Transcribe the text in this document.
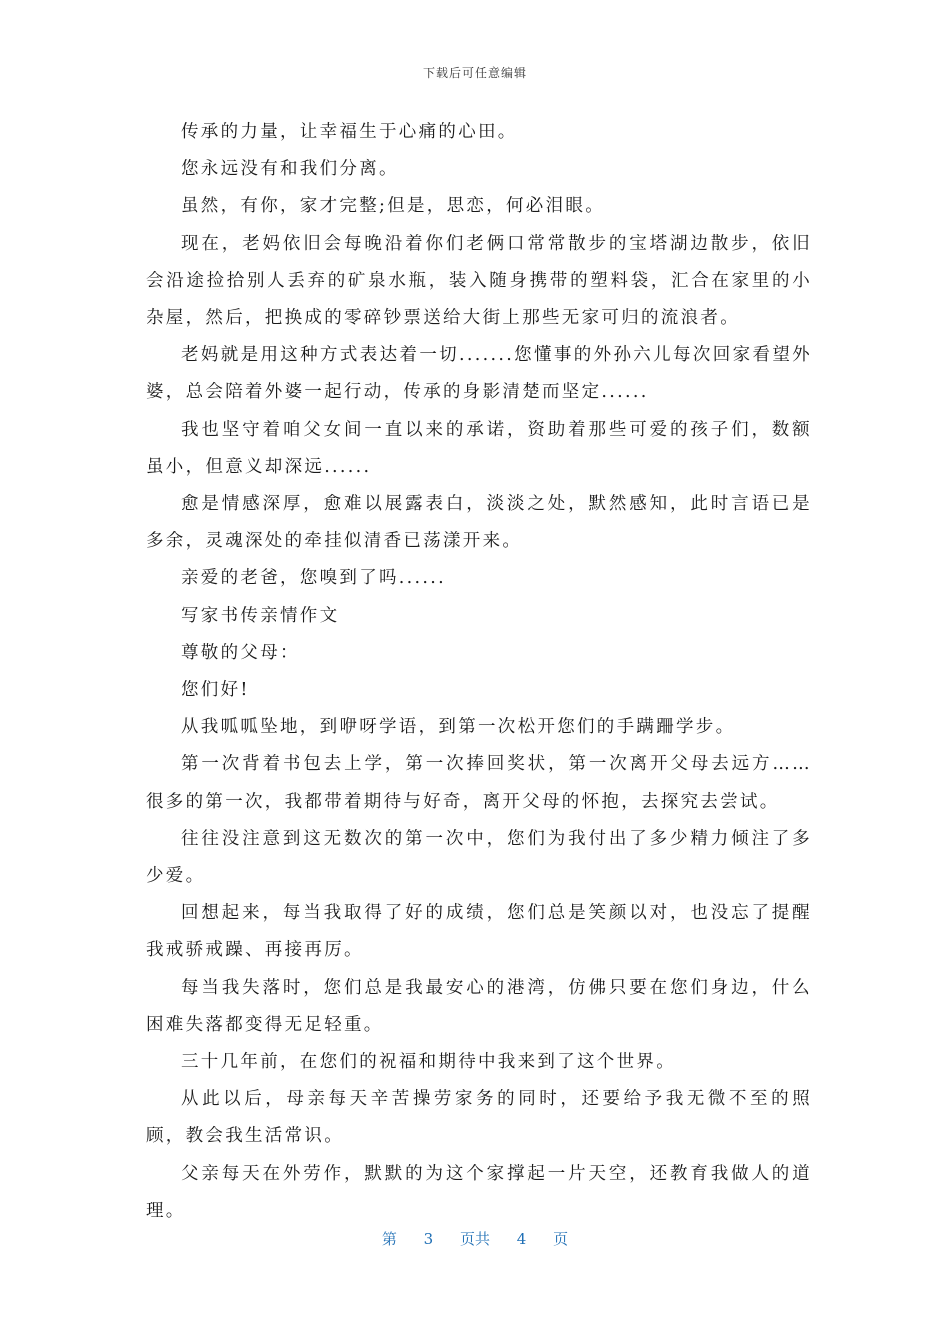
下载后可任意编辑

传承的力量，让幸福生于心痛的心田。

您永远没有和我们分离。

虽然，有你，家才完整;但是，思恋，何必泪眼。

现在，老妈依旧会每晚沿着你们老俩口常常散步的宝塔湖边散步，依旧会沿途捡拾别人丢弃的矿泉水瓶，装入随身携带的塑料袋，汇合在家里的小杂屋，然后，把换成的零碎钞票送给大街上那些无家可归的流浪者。

老妈就是用这种方式表达着一切.......您懂事的外孙六儿每次回家看望外婆，总会陪着外婆一起行动，传承的身影清楚而坚定......

我也坚守着咱父女间一直以来的承诺，资助着那些可爱的孩子们，数额虽小，但意义却深远......

愈是情感深厚，愈难以展露表白，淡淡之处，默然感知，此时言语已是多余，灵魂深处的牵挂似清香已荡漾开来。

亲爱的老爸，您嗅到了吗......

写家书传亲情作文

尊敬的父母：

您们好!

从我呱呱坠地，到咿呀学语，到第一次松开您们的手蹒跚学步。

第一次背着书包去上学，第一次捧回奖状，第一次离开父母去远方……很多的第一次，我都带着期待与好奇，离开父母的怀抱，去探究去尝试。

往往没注意到这无数次的第一次中，您们为我付出了多少精力倾注了多少爱。

回想起来，每当我取得了好的成绩，您们总是笑颜以对，也没忘了提醒我戒骄戒躁、再接再厉。

每当我失落时，您们总是我最安心的港湾，仿佛只要在您们身边，什么困难失落都变得无足轻重。

三十几年前，在您们的祝福和期待中我来到了这个世界。

从此以后，母亲每天辛苦操劳家务的同时，还要给予我无微不至的照顾，教会我生活常识。

父亲每天在外劳作，默默的为这个家撑起一片天空，还教育我做人的道理。

第 3 页共 4 页
